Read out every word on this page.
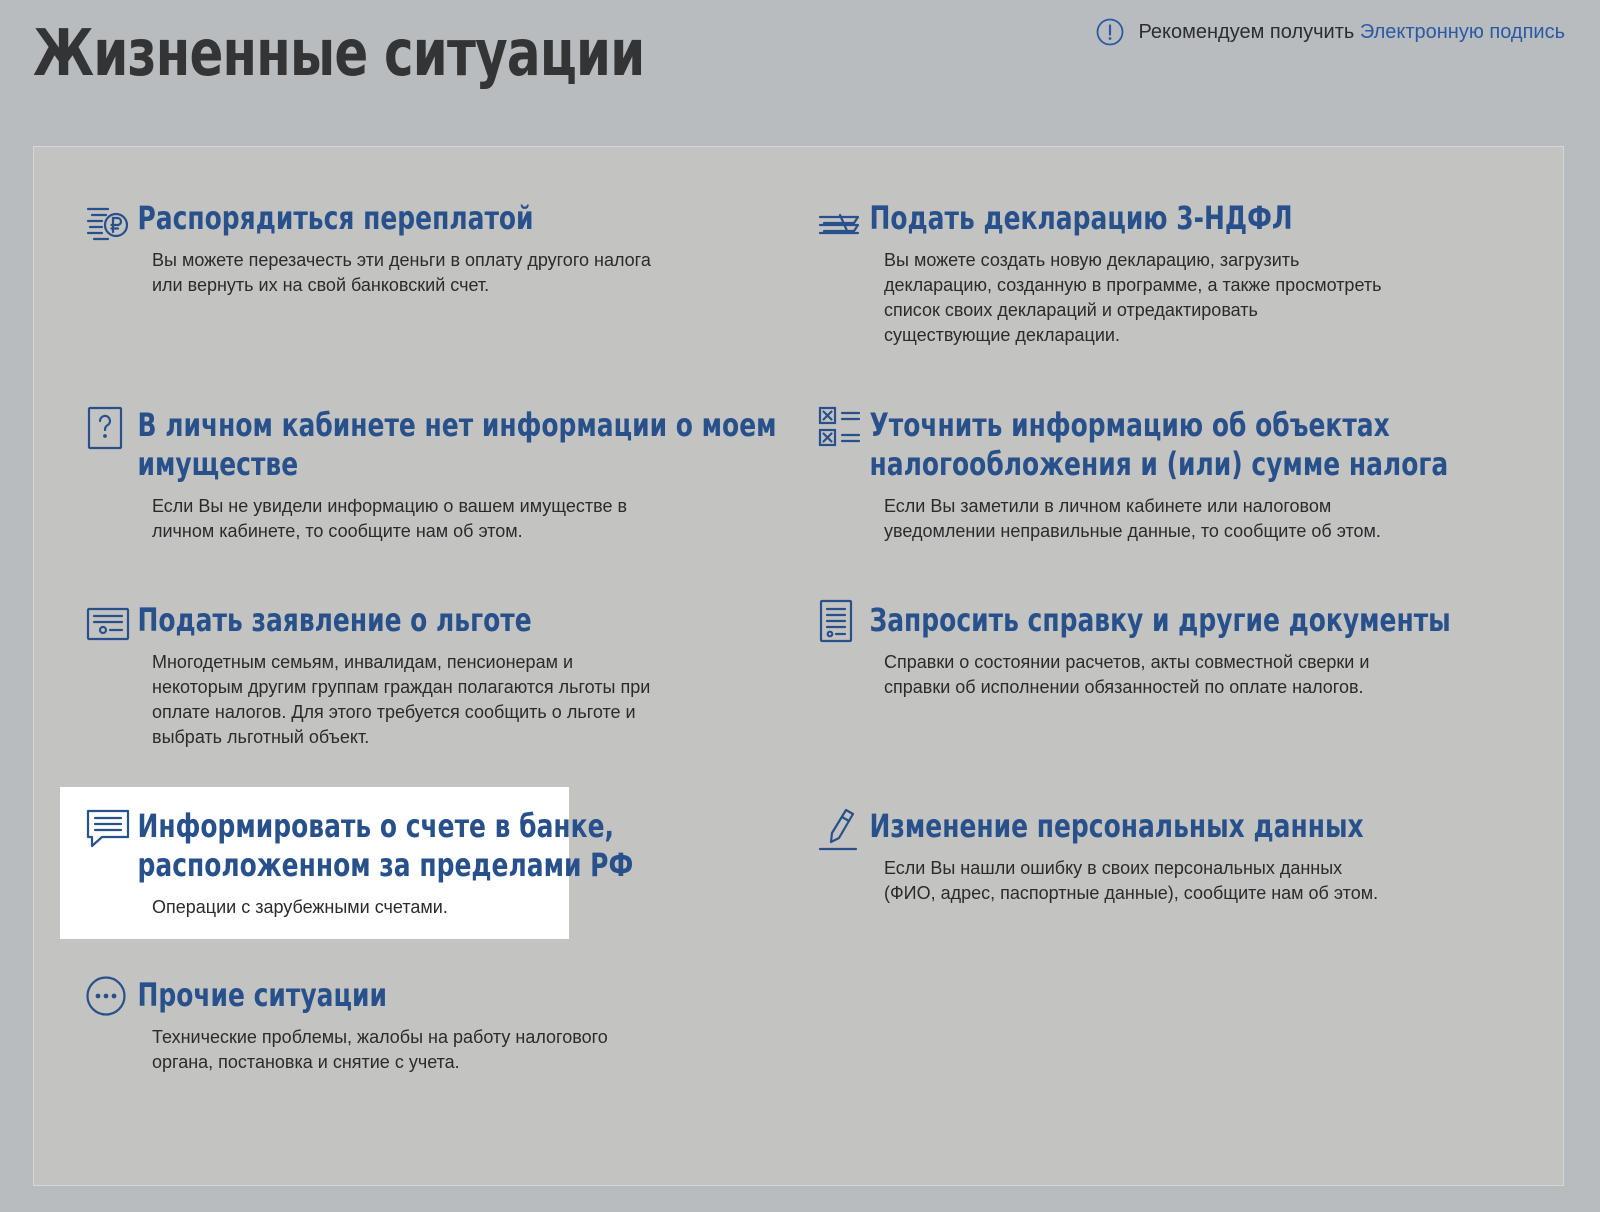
Жизненные ситуации	Рекомендуем получить Электронную подпись
Распорядиться переплатой

Вы можете перезачесть эти деньги в оплату другого налога
или вернуть их на свой банковский счет.

Подать декларацию 3-НДФЛ

Вы можете создать новую декларацию, загрузить
декларацию, созданную в программе, а также просмотреть
список своих деклараций и отредактировать
существующие декларации.

В личном кабинете нет информации о моем
имуществе

Если Вы не увидели информацию о вашем имуществе в
личном кабинете, то сообщите нам об этом.

Уточнить информацию об объектах
налогообложения и (или) сумме налога

Если Вы заметили в личном кабинете или налоговом
уведомлении неправильные данные, то сообщите об этом.

Подать заявление о льготе

Многодетным семьям, инвалидам, пенсионерам и
некоторым другим группам граждан полагаются льготы при
оплате налогов. Для этого требуется сообщить о льготе и
выбрать льготный объект.

Запросить справку и другие документы

Справки о состоянии расчетов, акты совместной сверки и
справки об исполнении обязанностей по оплате налогов.

Информировать о счете в банке,
расположенном за пределами РФ

Операции с зарубежными счетами.

Изменение персональных данных

Если Вы нашли ошибку в своих персональных данных
(ФИО, адрес, паспортные данные), сообщите нам об этом.

Прочие ситуации

Технические проблемы, жалобы на работу налогового
органа, постановка и снятие с учета.
